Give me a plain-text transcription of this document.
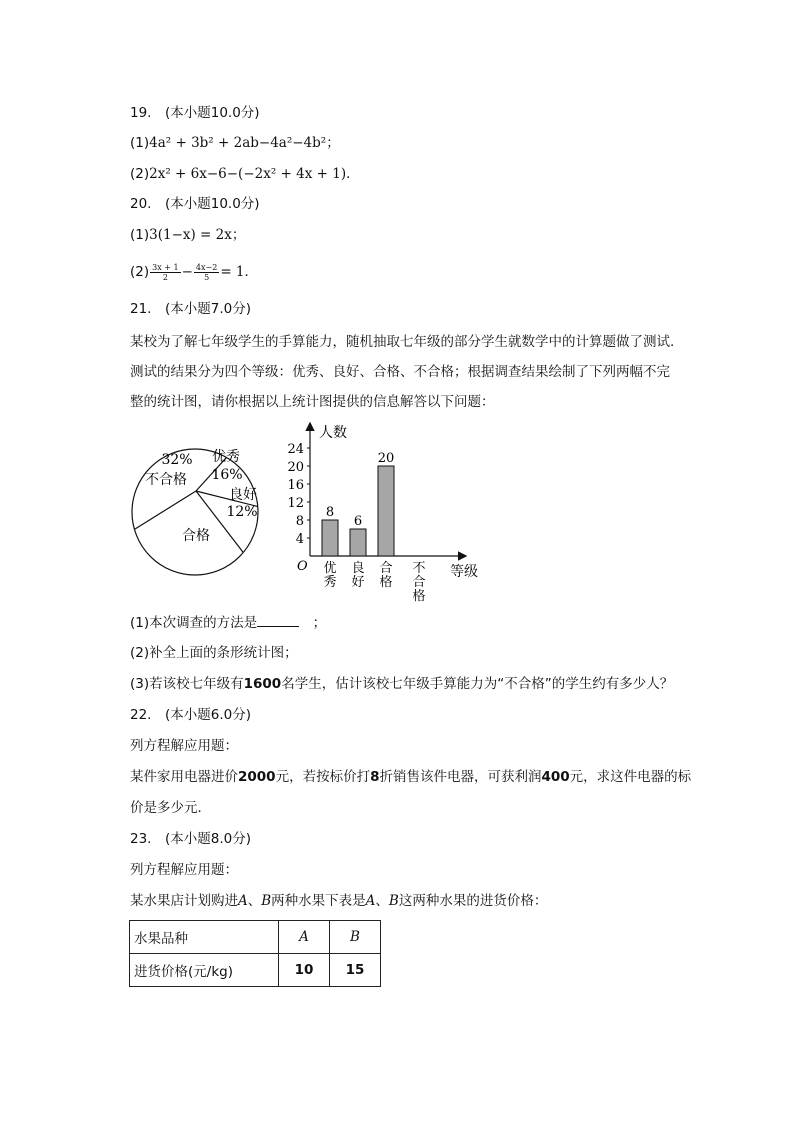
19.　(本小题10.0分)
(1)4a² + 3b² + 2ab−4a²−4b²；
(2)2x² + 6x−6−(−2x² + 4x + 1)．
20.　(本小题10.0分)
(1)3(1−x) = 2x；
$(2) \frac{3x + 1}{2} - \frac{4x-2}{5} = 1$．
21.　(本小题7.0分)
某校为了解七年级学生的手算能力，随机抽取七年级的部分学生就数学中的计算题做了测试.
测试的结果分为四个等级：优秀、良好、合格、不合格；根据调查结果绘制了下列两幅不完
整的统计图，请你根据以上统计图提供的信息解答以下问题：
32%
不合格
优秀
16%
良好
12%
合格
人数
等级
O
4
8
12
16
20
24
8
6
20
优
秀
良
好
合
格
不
合
格
(1)本次调查的方法是　	；
(2)补全上面的条形统计图；
(3)若该校七年级有1600名学生，估计该校七年级手算能力为“不合格”的学生约有多少人？
22.　(本小题6.0分)
列方程解应用题：
某件家用电器进价2000元，若按标价打8折销售该件电器，可获利润400元，求这件电器的标
价是多少元．
23.　(本小题8.0分)
列方程解应用题：
某水果店计划购进A、B两种水果下表是A、B这两种水果的进货价格：
水果品种	A	B
进货价格(元/kg)	10	15
